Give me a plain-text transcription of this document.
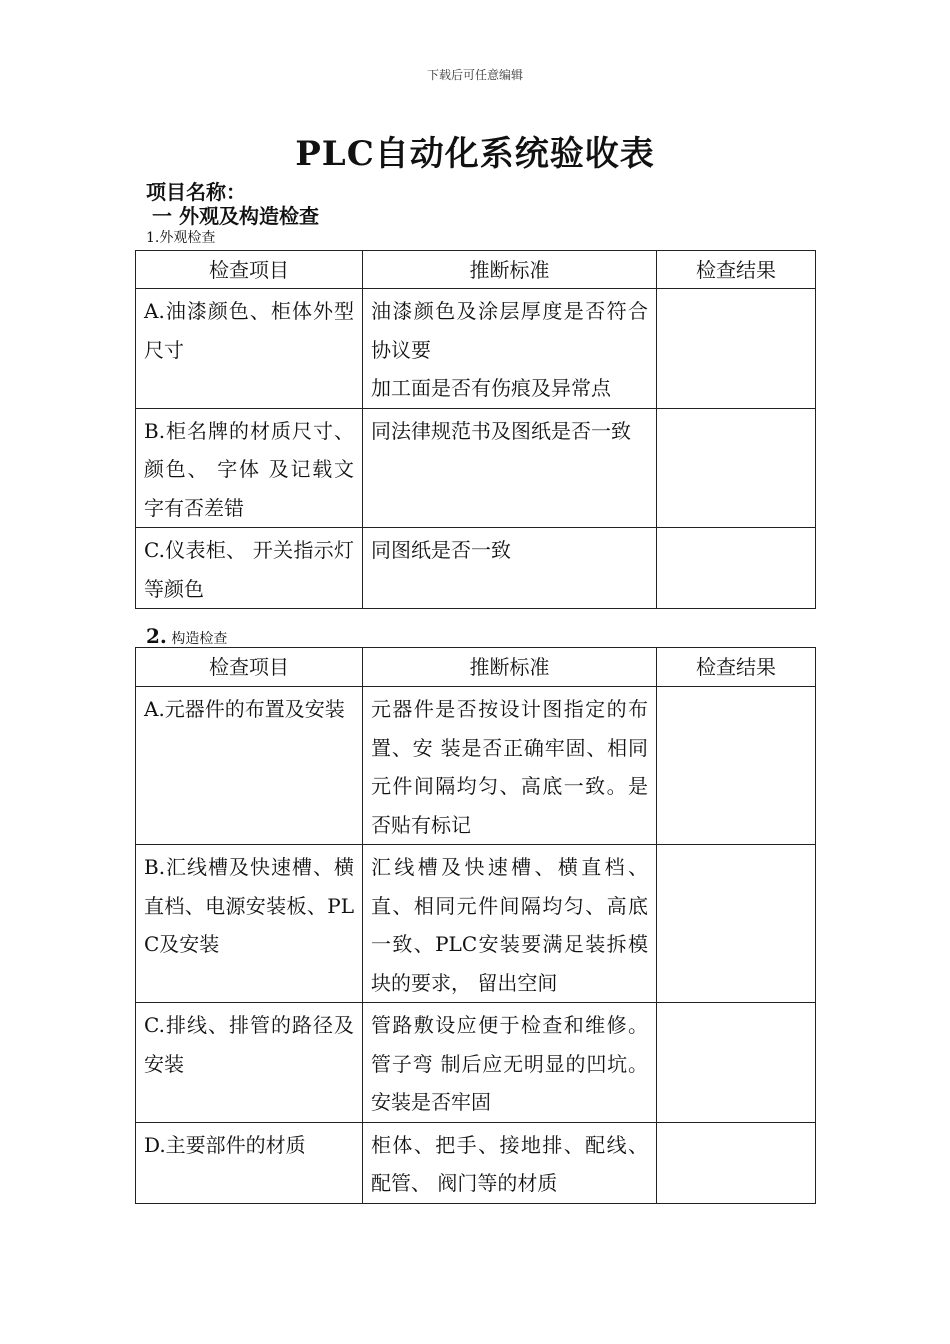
下载后可任意编辑
PLC自动化系统验收表
项目名称：
一 外观及构造检查
1.外观检查
检查项目	推断标准	检查结果
A.油漆颜色、柜体外型尺寸	油漆颜色及涂层厚度是否符合协议要
加工面是否有伤痕及异常点	

B.柜名牌的材质尺寸、颜色、 字体 及记载文字有否差错	同法律规范书及图纸是否一致	
C.仪表柜、 开关指示灯等颜色	同图纸是否一致	
2. 构造检查
检查项目	推断标准	检查结果
A.元器件的布置及安装	元器件是否按设计图指定的布置、安 装是否正确牢固、相同元件间隔均匀、高底一致。是否贴有标记	
B.汇线槽及快速槽、横直档、电源安装板、PLC及安装	汇线槽及快速槽、横直档、直、相同元件间隔均匀、高底一致、PLC安装要满足装拆模块的要求， 留出空间	
C.排线、排管的路径及安装	管路敷设应便于检查和维修。管子弯 制后应无明显的凹坑。安装是否牢固	
D.主要部件的材质	柜体、把手、接地排、配线、配管、 阀门等的材质	
